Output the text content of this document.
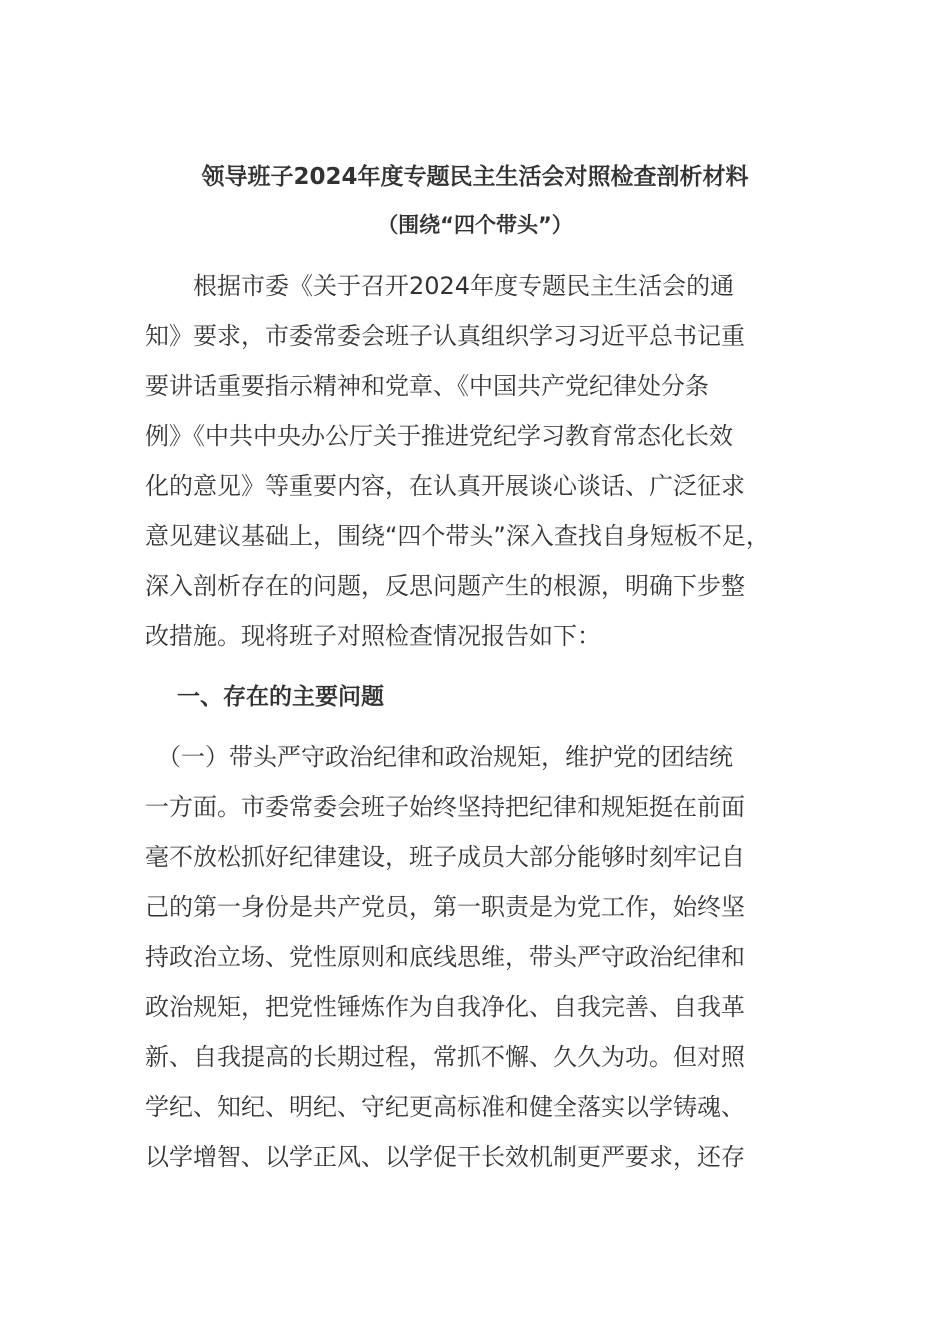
领导班子2024年度专题民主生活会对照检查剖析材料
（围绕“四个带头”）
　　根据市委《关于召开2024年度专题民主生活会的通
知》要求，市委常委会班子认真组织学习习近平总书记重
要讲话重要指示精神和党章、《中国共产党纪律处分条
例》《中共中央办公厅关于推进党纪学习教育常态化长效
化的意见》等重要内容，在认真开展谈心谈话、广泛征求
意见建议基础上，围绕“四个带头”深入查找自身短板不足，
深入剖析存在的问题，反思问题产生的根源，明确下步整
改措施。现将班子对照检查情况报告如下：
一、存在的主要问题
　（一）带头严守政治纪律和政治规矩，维护党的团结统
一方面。市委常委会班子始终坚持把纪律和规矩挺在前面
毫不放松抓好纪律建设，班子成员大部分能够时刻牢记自
己的第一身份是共产党员，第一职责是为党工作，始终坚
持政治立场、党性原则和底线思维，带头严守政治纪律和
政治规矩，把党性锤炼作为自我净化、自我完善、自我革
新、自我提高的长期过程，常抓不懈、久久为功。但对照
学纪、知纪、明纪、守纪更高标准和健全落实以学铸魂、
以学增智、以学正风、以学促干长效机制更严要求，还存
